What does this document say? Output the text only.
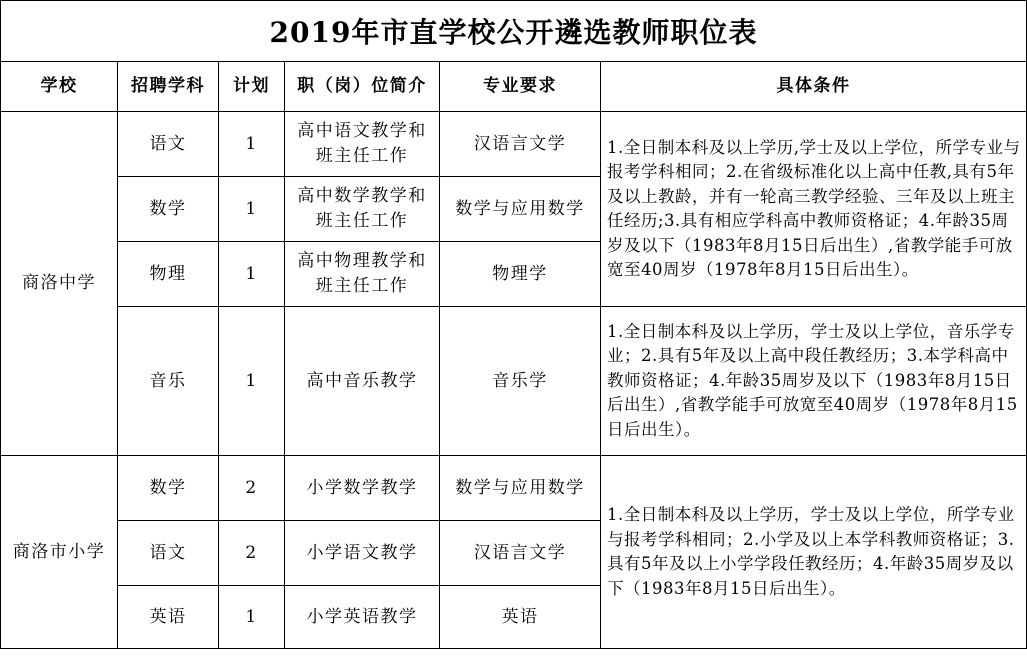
2019年市直学校公开遴选教师职位表
学校	招聘学科	计划	职（岗）位简介	专业要求	具体条件
商洛中学	语文	1	高中语文教学和班主任工作	汉语言文学	1.全日制本科及以上学历,学士及以上学位，所学专业与报考学科相同；2.在省级标准化以上高中任教,具有5年及以上教龄，并有一轮高三教学经验、三年及以上班主任经历;3.具有相应学科高中教师资格证；4.年龄35周岁及以下（1983年8月15日后出生）,省教学能手可放宽至40周岁（1978年8月15日后出生）。
	数学	1	高中数学教学和班主任工作	数学与应用数学	
	物理	1	高中物理教学和班主任工作	物理学	
	音乐	1	高中音乐教学	音乐学	1.全日制本科及以上学历，学士及以上学位，音乐学专业；2.具有5年及以上高中段任教经历；3.本学科高中教师资格证；4.年龄35周岁及以下（1983年8月15日后出生）,省教学能手可放宽至40周岁（1978年8月15日后出生）。
商洛市小学	数学	2	小学数学教学	数学与应用数学	1.全日制本科及以上学历，学士及以上学位，所学专业与报考学科相同；2.小学及以上本学科教师资格证；3.具有5年及以上小学学段任教经历；4.年龄35周岁及以下（1983年8月15日后出生）。
	语文	2	小学语文教学	汉语言文学	
	英语	1	小学英语教学	英语	
